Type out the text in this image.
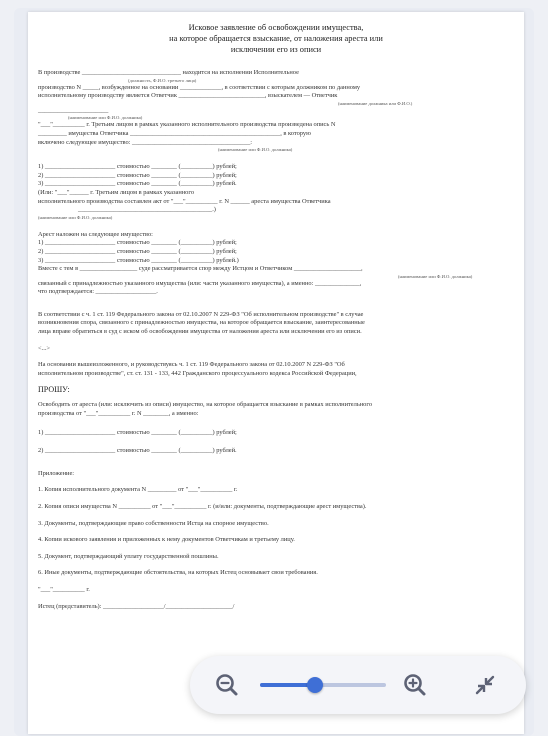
Исковое заявление об освобождении имущества,
на которое обращается взыскание, от наложения ареста или
исключении его из описи

В производстве _______________________________ находится на исполнении Исполнительное

(должность, Ф.И.О. третьего лица)

производство N _____, возбужденное на основании _____________, в соответствии с которым должником по данному

исполнительному производству является Ответчик ___________________________, взыскателем — Ответчик

(наименование должника или Ф.И.О.)

______________________

(наименование или Ф.И.О. должника)

"___"__________ г. Третьим лицом в рамках указанного исполнительного производства произведена опись N

_________ имущества Ответчика _______________________________________________, в которую

включено следующее имущество: _____________________________________:

(наименование или Ф.И.О. должника)

1) ______________________ стоимостью ________ (__________) рублей;

2) ______________________ стоимостью ________ (__________) рублей;

3) ______________________ стоимостью ________ (__________) рублей.

(Или: "___"______ г. Третьим лицом в рамках указанного

исполнительного производства составлен акт от "___"__________ г. N ______ ареста имущества Ответчика

__________________________________________.)

(наименование или Ф.И.О. должника)

Арест наложен на следующее имущество:

1) ______________________ стоимостью ________ (__________) рублей;

2) ______________________ стоимостью ________ (__________) рублей;

3) ______________________ стоимостью ________ (__________) рублей.)

Вместе с тем в __________________ суде рассматривается спор между Истцом и Ответчиком _____________________,

(наименование или Ф.И.О. должника)

связанный с принадлежностью указанного имущества (или: части указанного имущества), а именно: ______________,

что подтверждается: ___________________.

В соответствии с ч. 1 ст. 119 Федерального закона от 02.10.2007 N 229-ФЗ "Об исполнительном производстве" в случае

возникновения спора, связанного с принадлежностью имущества, на которое обращается взыскание, заинтересованные

лица вправе обратиться в суд с иском об освобождении имущества от наложения ареста или исключении его из описи.

<...>

На основании вышеизложенного, и руководствуясь ч. 1 ст. 119 Федерального закона от 02.10.2007 N 229-ФЗ "Об

исполнительном производстве", ст. ст. 131 - 133, 442 Гражданского процессуального кодекса Российской Федерации,

ПРОШУ:

Освободить от ареста (или: исключить из описи) имущество, на которое обращается взыскание в рамках исполнительного

производства от "___"__________ г. N ________, а именно:

1) ______________________ стоимостью ________ (__________) рублей;

2) ______________________ стоимостью ________ (__________) рублей.

Приложение:

1. Копия исполнительного документа N _________ от "___"__________ г.

2. Копия описи имущества N __________ от "___"__________ г. (и/или: документы, подтверждающие арест имущества).

3. Документы, подтверждающие право собственности Истца на спорное имущество.

4. Копии искового заявления и приложенных к нему документов Ответчикам и третьему лицу.

5. Документ, подтверждающий уплату государственной пошлины.

6. Иные документы, подтверждающие обстоятельства, на которых Истец основывает свои требования.

"___"__________ г.

Истец (представитель): ___________________/_____________________/
